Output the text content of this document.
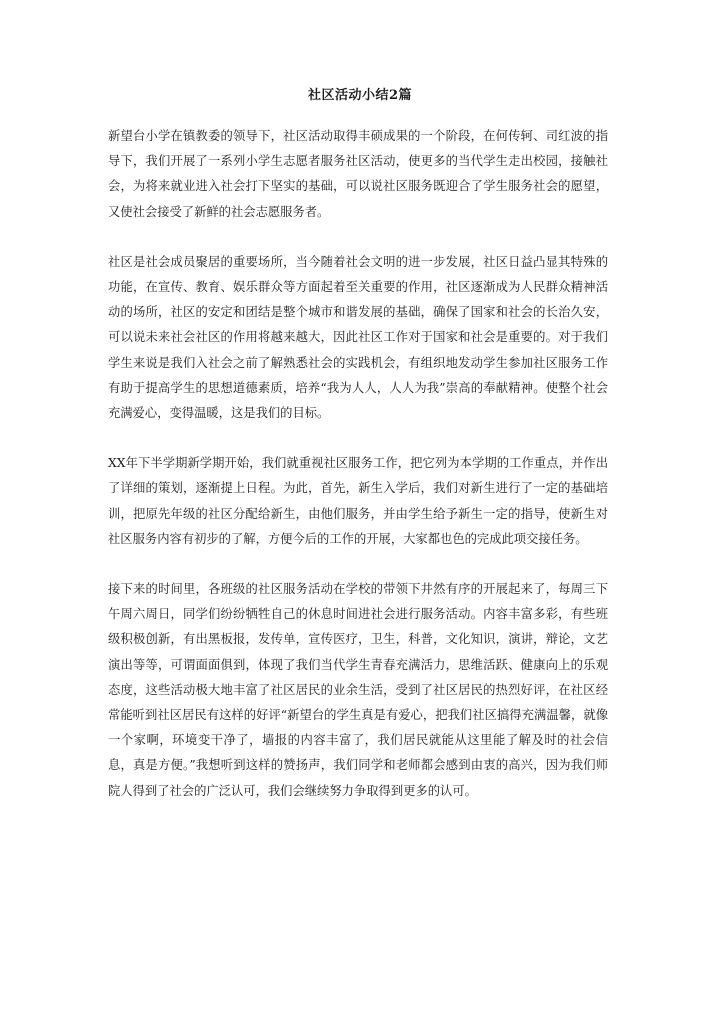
社区活动小结2篇

新望台小学在镇教委的领导下，社区活动取得丰硕成果的一个阶段，在何传轲、司红波的指导下，我们开展了一系列小学生志愿者服务社区活动，使更多的当代学生走出校园，接触社会，为将来就业进入社会打下坚实的基础，可以说社区服务既迎合了学生服务社会的愿望，又使社会接受了新鲜的社会志愿服务者。

社区是社会成员聚居的重要场所，当今随着社会文明的进一步发展，社区日益凸显其特殊的功能，在宣传、教育、娱乐群众等方面起着至关重要的作用，社区逐渐成为人民群众精神活动的场所，社区的安定和团结是整个城市和谐发展的基础，确保了国家和社会的长治久安，可以说未来社会社区的作用将越来越大，因此社区工作对于国家和社会是重要的。对于我们学生来说是我们入社会之前了解熟悉社会的实践机会，有组织地发动学生参加社区服务工作有助于提高学生的思想道德素质，培养“我为人人，人人为我”崇高的奉献精神。使整个社会充满爱心，变得温暖，这是我们的目标。

XX年下半学期新学期开始，我们就重视社区服务工作，把它列为本学期的工作重点，并作出了详细的策划，逐渐提上日程。为此，首先，新生入学后，我们对新生进行了一定的基础培训，把原先年级的社区分配给新生，由他们服务，并由学生给予新生一定的指导，使新生对社区服务内容有初步的了解，方便今后的工作的开展，大家都也色的完成此项交接任务。

接下来的时间里，各班级的社区服务活动在学校的带领下井然有序的开展起来了，每周三下午周六周日，同学们纷纷牺牲自己的休息时间进社会进行服务活动。内容丰富多彩，有些班级积极创新，有出黑板报，发传单，宣传医疗，卫生，科普，文化知识，演讲，辩论，文艺演出等等，可谓面面俱到，体现了我们当代学生青春充满活力，思维活跃、健康向上的乐观态度，这些活动极大地丰富了社区居民的业余生活，受到了社区居民的热烈好评，在社区经常能听到社区居民有这样的好评“新望台的学生真是有爱心，把我们社区搞得充满温馨，就像一个家啊，环境变干净了，墙报的内容丰富了，我们居民就能从这里能了解及时的社会信息，真是方便。”我想听到这样的赞扬声，我们同学和老师都会感到由衷的高兴，因为我们师院人得到了社会的广泛认可，我们会继续努力争取得到更多的认可。
